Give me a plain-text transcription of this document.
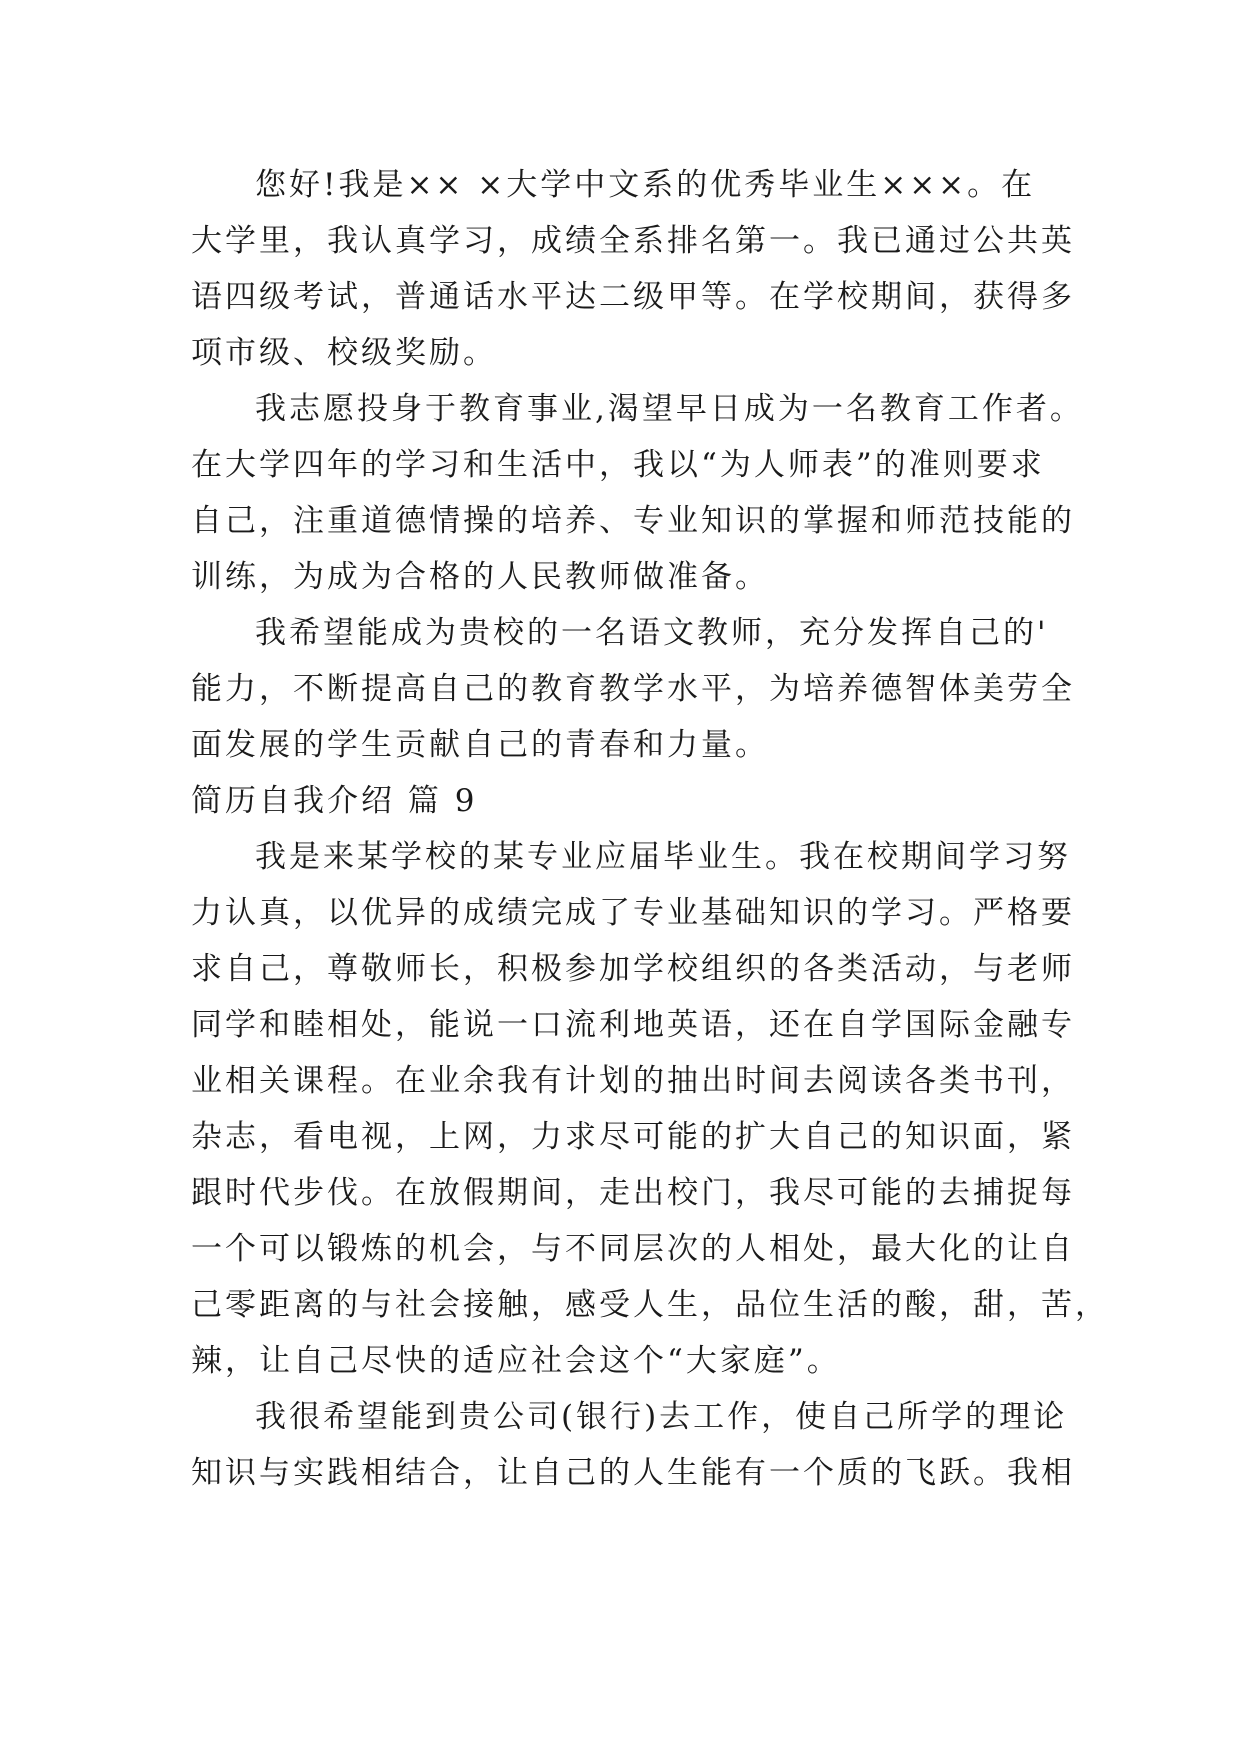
您好!我是×× ×大学中文系的优秀毕业生×××。在
大学里，我认真学习，成绩全系排名第一。我已通过公共英
语四级考试，普通话水平达二级甲等。在学校期间，获得多
项市级、校级奖励。
我志愿投身于教育事业,渴望早日成为一名教育工作者。
在大学四年的学习和生活中，我以“为人师表”的准则要求
自己，注重道德情操的培养、专业知识的掌握和师范技能的
训练，为成为合格的人民教师做准备。
我希望能成为贵校的一名语文教师，充分发挥自己的'
能力，不断提高自己的教育教学水平，为培养德智体美劳全
面发展的学生贡献自己的青春和力量。
简历自我介绍 篇 9
我是来某学校的某专业应届毕业生。我在校期间学习努
力认真，以优异的成绩完成了专业基础知识的学习。严格要
求自己，尊敬师长，积极参加学校组织的各类活动，与老师
同学和睦相处，能说一口流利地英语，还在自学国际金融专
业相关课程。在业余我有计划的抽出时间去阅读各类书刊，
杂志，看电视，上网，力求尽可能的扩大自己的知识面，紧
跟时代步伐。在放假期间，走出校门，我尽可能的去捕捉每
一个可以锻炼的机会，与不同层次的人相处，最大化的让自
己零距离的与社会接触，感受人生，品位生活的酸，甜，苦，
辣，让自己尽快的适应社会这个“大家庭”。
我很希望能到贵公司(银行)去工作，使自己所学的理论
知识与实践相结合，让自己的人生能有一个质的飞跃。我相
